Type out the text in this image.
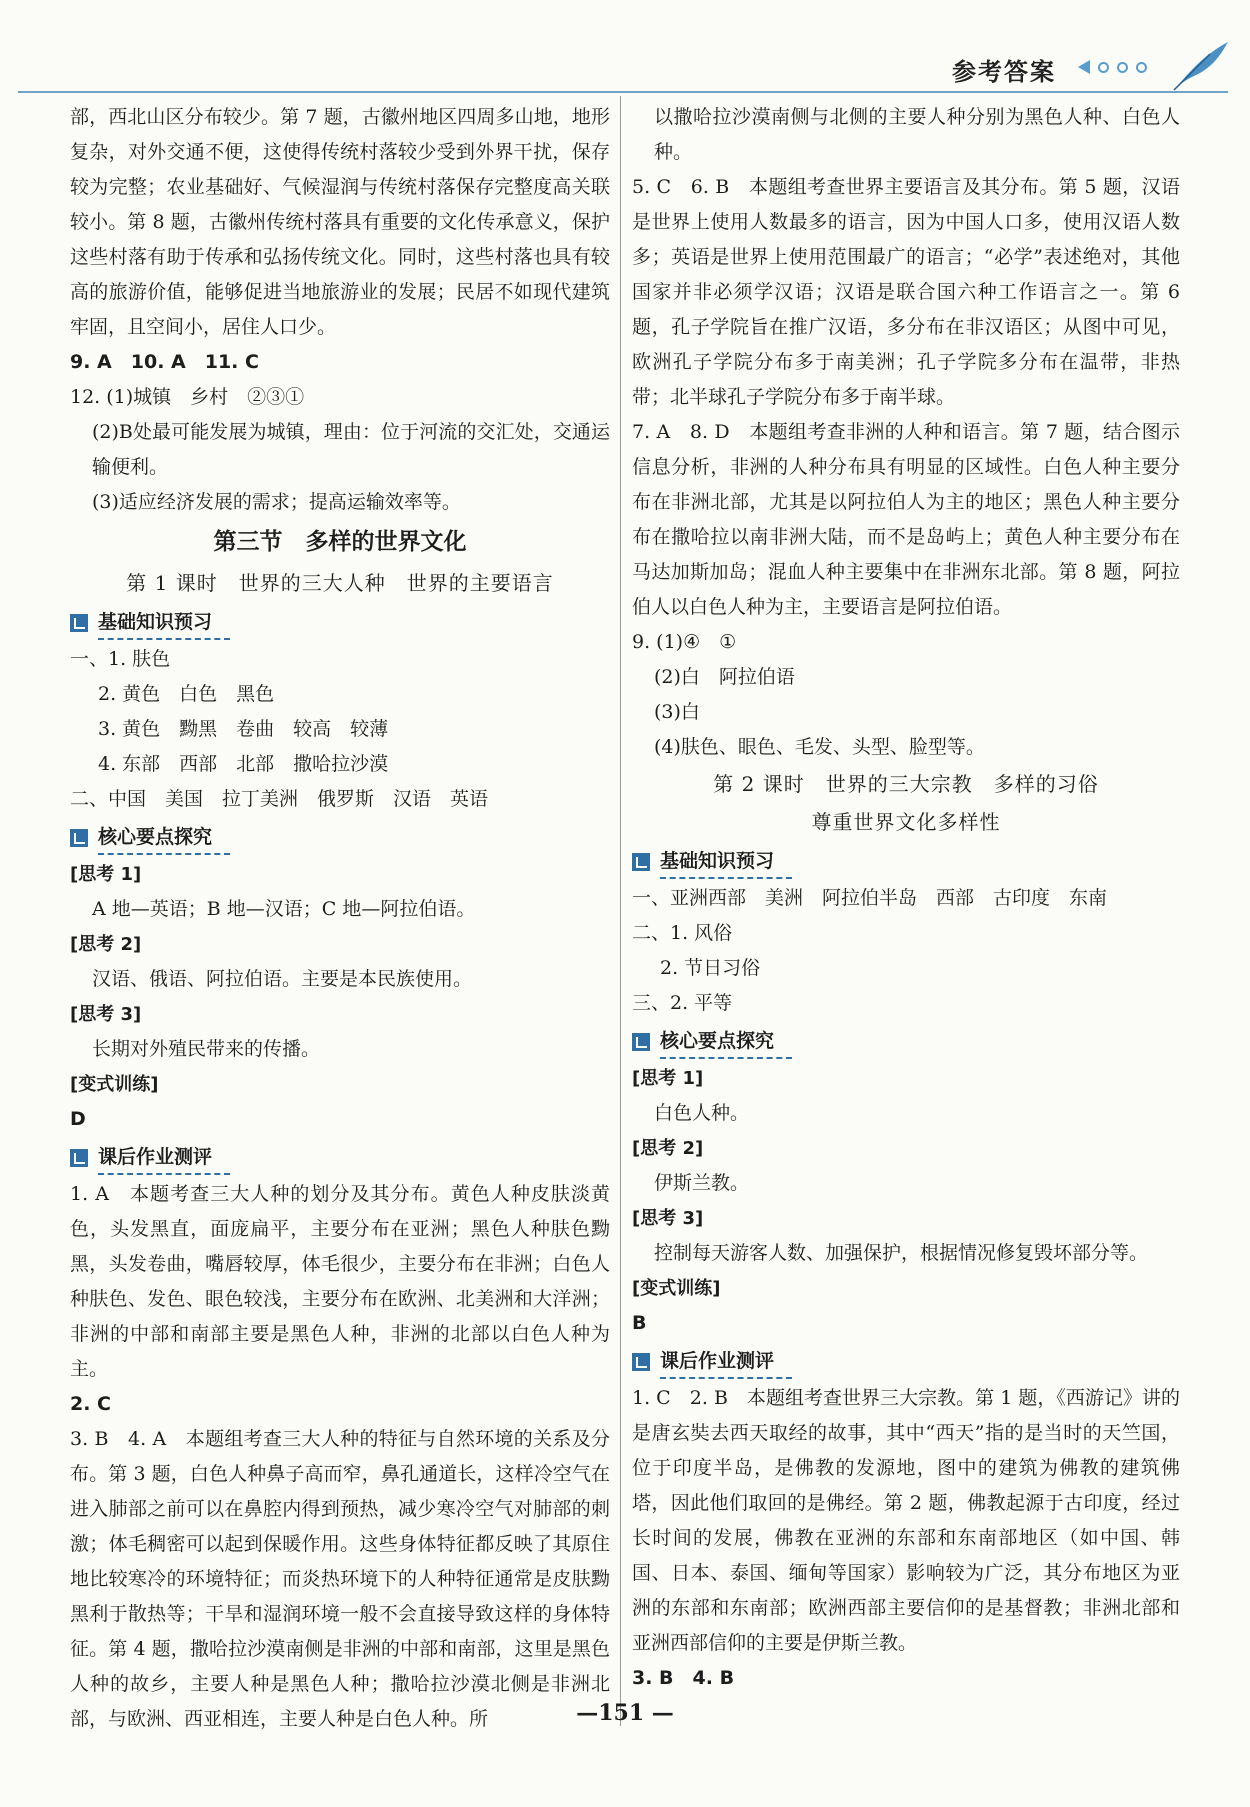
参考答案

部，西北山区分布较少。第 7 题，古徽州地区四周多山地，地形复杂，对外交通不便，这使得传统村落较少受到外界干扰，保存较为完整；农业基础好、气候湿润与传统村落保存完整度高关联较小。第 8 题，古徽州传统村落具有重要的文化传承意义，保护这些村落有助于传承和弘扬传统文化。同时，这些村落也具有较高的旅游价值，能够促进当地旅游业的发展；民居不如现代建筑牢固，且空间小，居住人口少。

9. A　10. A　11. C

12. (1)城镇　乡村　②③①

(2)B处最可能发展为城镇，理由：位于河流的交汇处，交通运输便利。

(3)适应经济发展的需求；提高运输效率等。

第三节　多样的世界文化
第 1 课时　世界的三大人种　世界的主要语言
基础知识预习

一、1. 肤色

2. 黄色　白色　黑色

3. 黄色　黝黑　卷曲　较高　较薄

4. 东部　西部　北部　撒哈拉沙漠

二、中国　美国　拉丁美洲　俄罗斯　汉语　英语

核心要点探究

[思考 1]

A 地—英语；B 地—汉语；C 地—阿拉伯语。

[思考 2]

汉语、俄语、阿拉伯语。主要是本民族使用。

[思考 3]

长期对外殖民带来的传播。

[变式训练]

D

课后作业测评

1. A　本题考查三大人种的划分及其分布。黄色人种皮肤淡黄色，头发黑直，面庞扁平，主要分布在亚洲；黑色人种肤色黝黑，头发卷曲，嘴唇较厚，体毛很少，主要分布在非洲；白色人种肤色、发色、眼色较浅，主要分布在欧洲、北美洲和大洋洲；非洲的中部和南部主要是黑色人种，非洲的北部以白色人种为主。

2. C

3. B　4. A　本题组考查三大人种的特征与自然环境的关系及分布。第 3 题，白色人种鼻子高而窄，鼻孔通道长，这样冷空气在进入肺部之前可以在鼻腔内得到预热，减少寒冷空气对肺部的刺激；体毛稠密可以起到保暖作用。这些身体特征都反映了其原住地比较寒冷的环境特征；而炎热环境下的人种特征通常是皮肤黝黑利于散热等；干旱和湿润环境一般不会直接导致这样的身体特征。第 4 题，撒哈拉沙漠南侧是非洲的中部和南部，这里是黑色人种的故乡，主要人种是黑色人种；撒哈拉沙漠北侧是非洲北部，与欧洲、西亚相连，主要人种是白色人种。所

以撒哈拉沙漠南侧与北侧的主要人种分别为黑色人种、白色人种。

5. C　6. B　本题组考查世界主要语言及其分布。第 5 题，汉语是世界上使用人数最多的语言，因为中国人口多，使用汉语人数多；英语是世界上使用范围最广的语言；“必学”表述绝对，其他国家并非必须学汉语；汉语是联合国六种工作语言之一。第 6 题，孔子学院旨在推广汉语，多分布在非汉语区；从图中可见，欧洲孔子学院分布多于南美洲；孔子学院多分布在温带，非热带；北半球孔子学院分布多于南半球。

7. A　8. D　本题组考查非洲的人种和语言。第 7 题，结合图示信息分析，非洲的人种分布具有明显的区域性。白色人种主要分布在非洲北部，尤其是以阿拉伯人为主的地区；黑色人种主要分布在撒哈拉以南非洲大陆，而不是岛屿上；黄色人种主要分布在马达加斯加岛；混血人种主要集中在非洲东北部。第 8 题，阿拉伯人以白色人种为主，主要语言是阿拉伯语。

9. (1)④　①

(2)白　阿拉伯语

(3)白

(4)肤色、眼色、毛发、头型、脸型等。

第 2 课时　世界的三大宗教　多样的习俗
尊重世界文化多样性
基础知识预习

一、亚洲西部　美洲　阿拉伯半岛　西部　古印度　东南

二、1. 风俗

2. 节日习俗

三、2. 平等

核心要点探究

[思考 1]

白色人种。

[思考 2]

伊斯兰教。

[思考 3]

控制每天游客人数、加强保护，根据情况修复毁坏部分等。

[变式训练]

B

课后作业测评

1. C　2. B　本题组考查世界三大宗教。第 1 题，《西游记》讲的是唐玄奘去西天取经的故事，其中“西天”指的是当时的天竺国，位于印度半岛，是佛教的发源地，图中的建筑为佛教的建筑佛塔，因此他们取回的是佛经。第 2 题，佛教起源于古印度，经过长时间的发展，佛教在亚洲的东部和东南部地区（如中国、韩国、日本、泰国、缅甸等国家）影响较为广泛，其分布地区为亚洲的东部和东南部；欧洲西部主要信仰的是基督教；非洲北部和亚洲西部信仰的主要是伊斯兰教。

3. B　4. B

—151 —
